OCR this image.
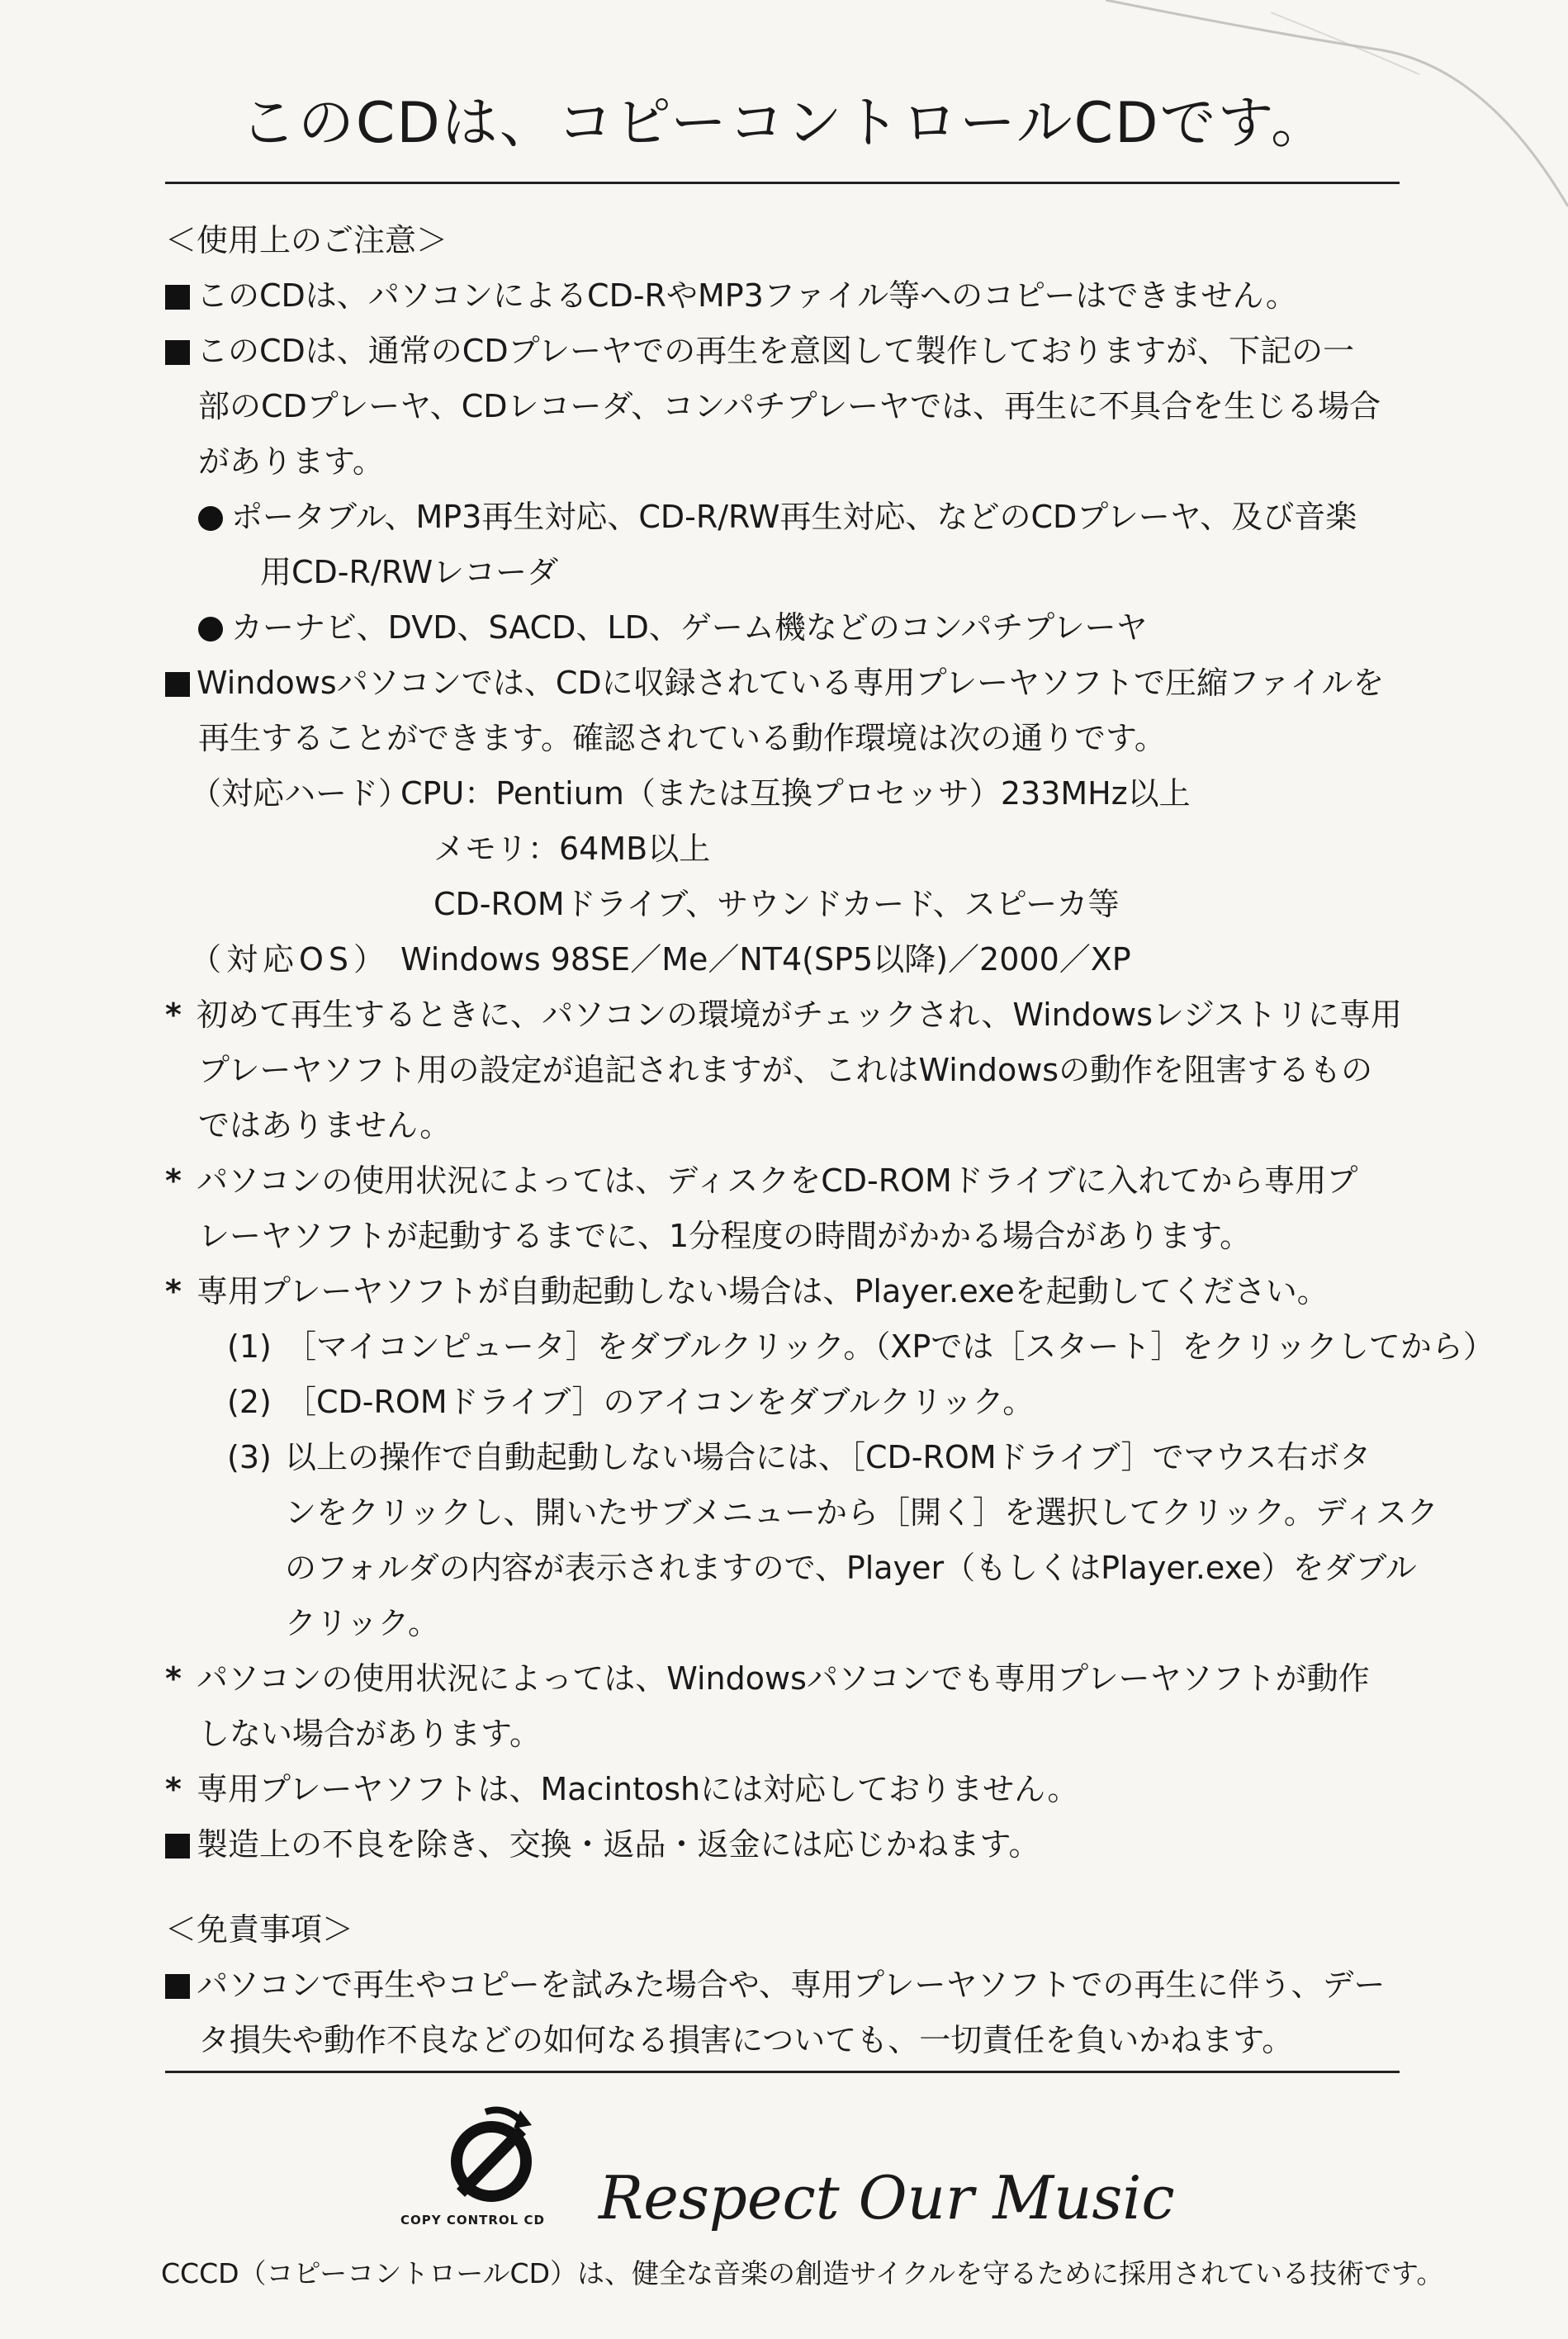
このCDは、コピーコントロールCDです。
＜使用上のご注意＞
このCDは、パソコンによるCD-RやMP3ファイル等へのコピーはできません。
このCDは、通常のCDプレーヤでの再生を意図して製作しておりますが、下記の一
部のCDプレーヤ、CDレコーダ、コンパチプレーヤでは、再生に不具合を生じる場合
があります。
ポータブル、MP3再生対応、CD-R/RW再生対応、などのCDプレーヤ、及び音楽
用CD-R/RWレコーダ
カーナビ、DVD、SACD、LD、ゲーム機などのコンパチプレーヤ
Windowsパソコンでは、CDに収録されている専用プレーヤソフトで圧縮ファイルを
再生することができます。確認されている動作環境は次の通りです。
（対応ハード）CPU：Pentium（または互換プロセッサ）233MHz以上
メモリ：64MB以上
CD-ROMドライブ、サウンドカード、スピーカ等
（対応OS） Windows 98SE／Me／NT4(SP5以降)／2000／XP
* 初めて再生するときに、パソコンの環境がチェックされ、Windowsレジストリに専用
プレーヤソフト用の設定が追記されますが、これはWindowsの動作を阻害するもの
ではありません。
* パソコンの使用状況によっては、ディスクをCD-ROMドライブに入れてから専用プ
レーヤソフトが起動するまでに、1分程度の時間がかかる場合があります。
* 専用プレーヤソフトが自動起動しない場合は、Player.exeを起動してください。
(1) ［マイコンピュータ］をダブルクリック。（XPでは［スタート］をクリックしてから）
(2) ［CD-ROMドライブ］のアイコンをダブルクリック。
(3) 以上の操作で自動起動しない場合には、［CD-ROMドライブ］でマウス右ボタ
ンをクリックし、開いたサブメニューから［開く］を選択してクリック。ディスク
のフォルダの内容が表示されますので、Player（もしくはPlayer.exe）をダブル
クリック。
* パソコンの使用状況によっては、Windowsパソコンでも専用プレーヤソフトが動作
しない場合があります。
* 専用プレーヤソフトは、Macintoshには対応しておりません。
製造上の不良を除き、交換・返品・返金には応じかねます。
＜免責事項＞
パソコンで再生やコピーを試みた場合や、専用プレーヤソフトでの再生に伴う、デー
タ損失や動作不良などの如何なる損害についても、一切責任を負いかねます。
COPY CONTROL CD Respect Our Music
CCCD（コピーコントロールCD）は、健全な音楽の創造サイクルを守るために採用されている技術です。
